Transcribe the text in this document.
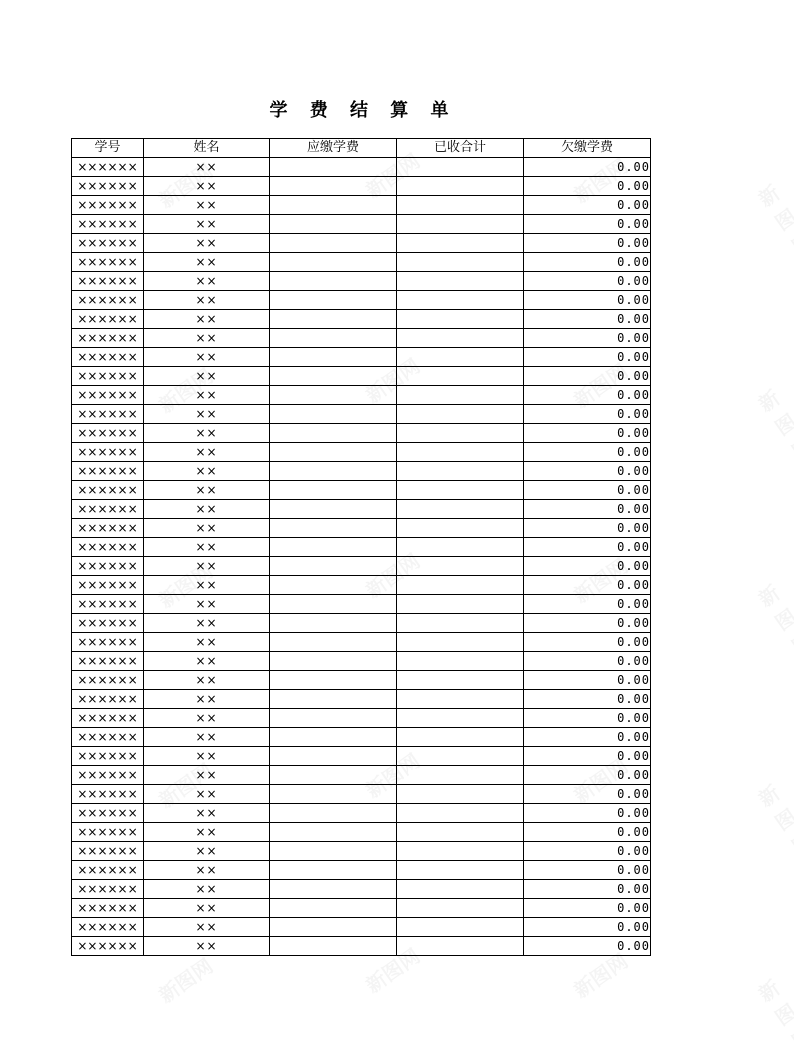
学 费 结 算 单
学号	姓名	应缴学费	已收合计	欠缴学费
××××××	××			0.00
××××××	××			0.00
××××××	××			0.00
××××××	××			0.00
××××××	××			0.00
××××××	××			0.00
××××××	××			0.00
××××××	××			0.00
××××××	××			0.00
××××××	××			0.00
××××××	××			0.00
××××××	××			0.00
××××××	××			0.00
××××××	××			0.00
××××××	××			0.00
××××××	××			0.00
××××××	××			0.00
××××××	××			0.00
××××××	××			0.00
××××××	××			0.00
××××××	××			0.00
××××××	××			0.00
××××××	××			0.00
××××××	××			0.00
××××××	××			0.00
××××××	××			0.00
××××××	××			0.00
××××××	××			0.00
××××××	××			0.00
××××××	××			0.00
××××××	××			0.00
××××××	××			0.00
××××××	××			0.00
××××××	××			0.00
××××××	××			0.00
××××××	××			0.00
××××××	××			0.00
××××××	××			0.00
××××××	××			0.00
××××××	××			0.00
××××××	××			0.00
××××××	××			0.00
